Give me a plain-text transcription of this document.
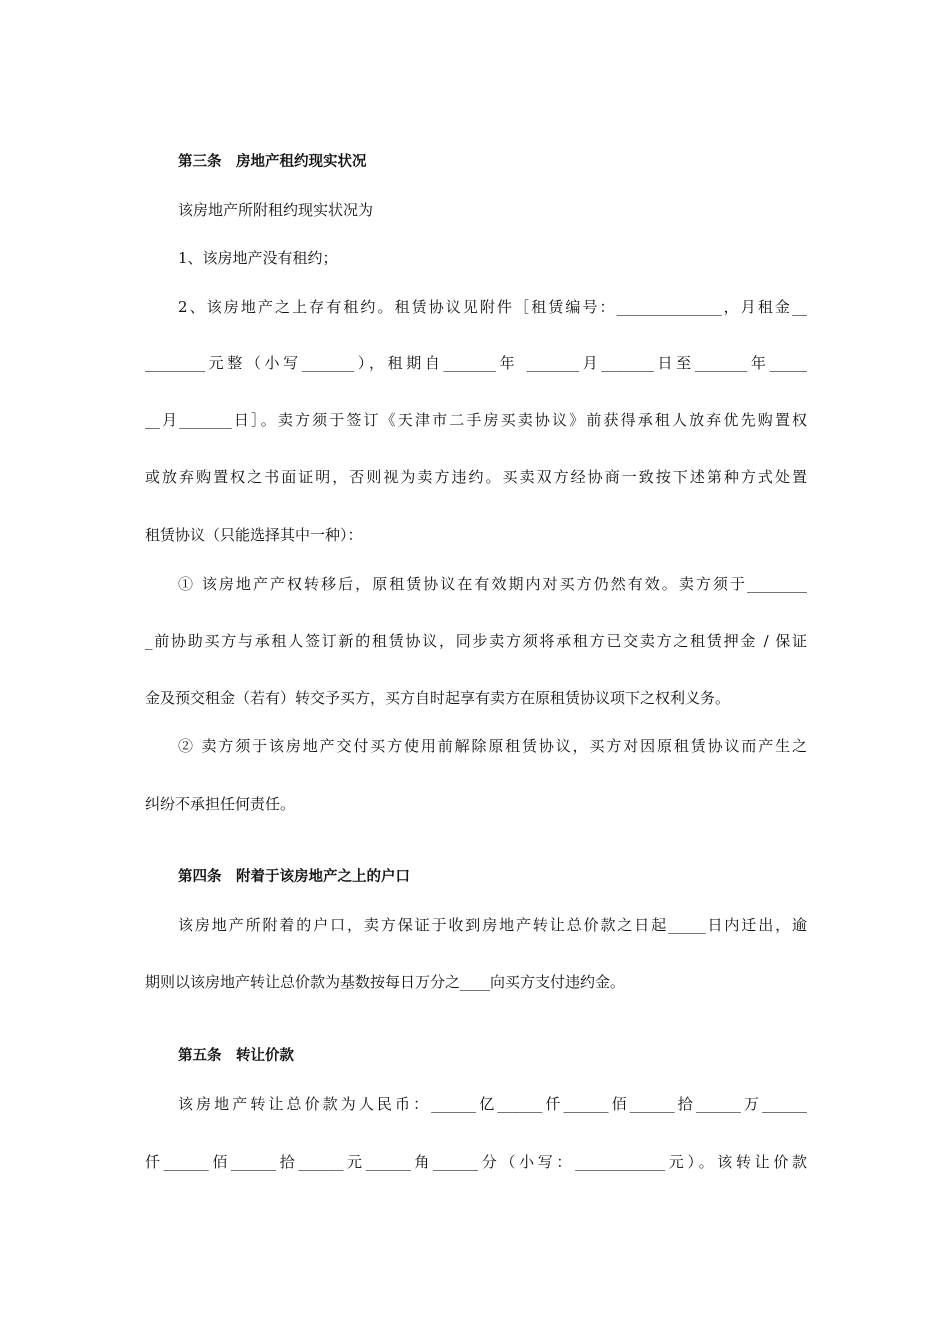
第三条　房地产租约现实状况
该房地产所附租约现实状况为
1、该房地产没有租约；
2、该房地产之上存有租约。租赁协议见附件［租赁编号：______________，月租金__
________元整（小写_______），租期自_______年 _______月_______日至_______年_____
__月_______日］。卖方须于签订《天津市二手房买卖协议》前获得承租人放弃优先购置权
或放弃购置权之书面证明，否则视为卖方违约。买卖双方经协商一致按下述第种方式处置
租赁协议（只能选择其中一种）：
① 该房地产产权转移后，原租赁协议在有效期内对买方仍然有效。卖方须于________
_前协助买方与承租人签订新的租赁协议，同步卖方须将承租方已交卖方之租赁押金 / 保证
金及预交租金（若有）转交予买方，买方自时起享有卖方在原租赁协议项下之权利义务。
② 卖方须于该房地产交付买方使用前解除原租赁协议，买方对因原租赁协议而产生之
纠纷不承担任何责任。
第四条　附着于该房地产之上的户口
该房地产所附着的户口，卖方保证于收到房地产转让总价款之日起_____日内迁出，逾
期则以该房地产转让总价款为基数按每日万分之____向买方支付违约金。
第五条　转让价款
该房地产转让总价款为人民币：______亿______仟______佰______拾______万______
仟______佰______拾______元______角______分（小写：____________元）。该转让价款
